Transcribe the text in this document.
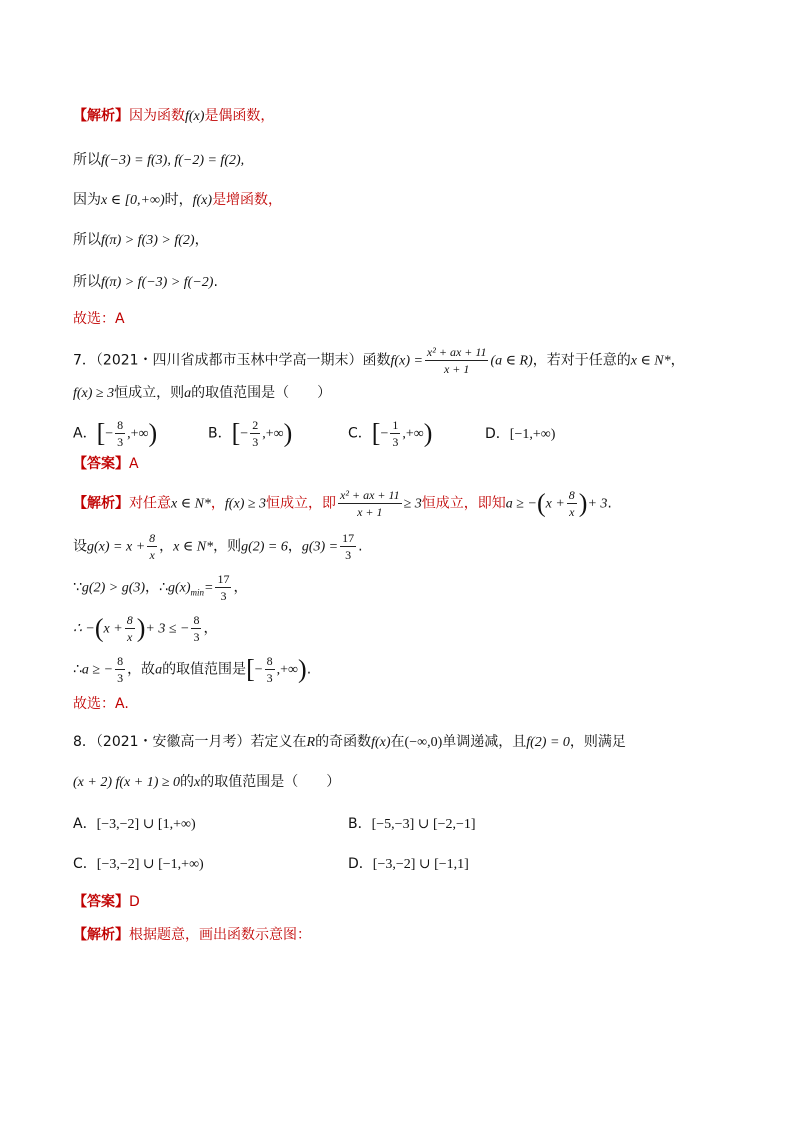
【解析】因为函数f(x)是偶函数，
所以f(−3) = f(3), f(−2) = f(2),
因为x ∈ [0,+∞)时，f(x)是增函数，
所以f(π) > f(3) > f(2)，
所以f(π) > f(−3) > f(−2).
故选：A
7．（2021・四川省成都市玉林中学高一期末）函数$f(x) = \frac{\text{x² + ax + 11}}{x + 1} (a$ ∈ R)，若对于任意的x ∈ N*，
f(x) ≥ 3恒成立，则a的取值范围是（　　）
A．[− $\frac{8}{3}$ ,+∞)	B．[− $\frac{2}{3}$ ,+∞)	C．[− $\frac{1}{3}$ ,+∞)	D．[−1,+∞)
【答案】A
【解析】对任意x ∈ N*，f(x) ≥ 3恒成立，即 $\frac{\text{x² + ax + 11}}{x + 1} \ge 3$恒成立，即知$a \ge -(x + \frac{8}{x}$ )+ 3.
设$g(x) = x + \frac{8}{x}$ ，x ∈ N*，则g(2) = 6，$g(3) = \frac{17}{3}$ .
∵g(2) > g(3)，$\therefore g(x)_{min}= \frac{17}{3}$ ，
∴ $-(x + \frac{8}{x}$ )+ 3 ≤ − $\frac{8}{3}$ ，
∴a ≥ − $\frac{8}{3}$ ，故a的取值范围是[− $\frac{8}{3}$ ,+∞).
故选：A.
8．（2021・安徽高一月考）若定义在R的奇函数f(x)在(−∞,0)单调递减，且f(2) = 0，则满足
(x + 2) f(x + 1) ≥ 0的x的取值范围是（　　）
A．[−3,−2] ∪ [1,+∞)	B．[−5,−3] ∪ [−2,−1]
C．[−3,−2] ∪ [−1,+∞)	D．[−3,−2] ∪ [−1,1]
【答案】D
【解析】根据题意，画出函数示意图：
